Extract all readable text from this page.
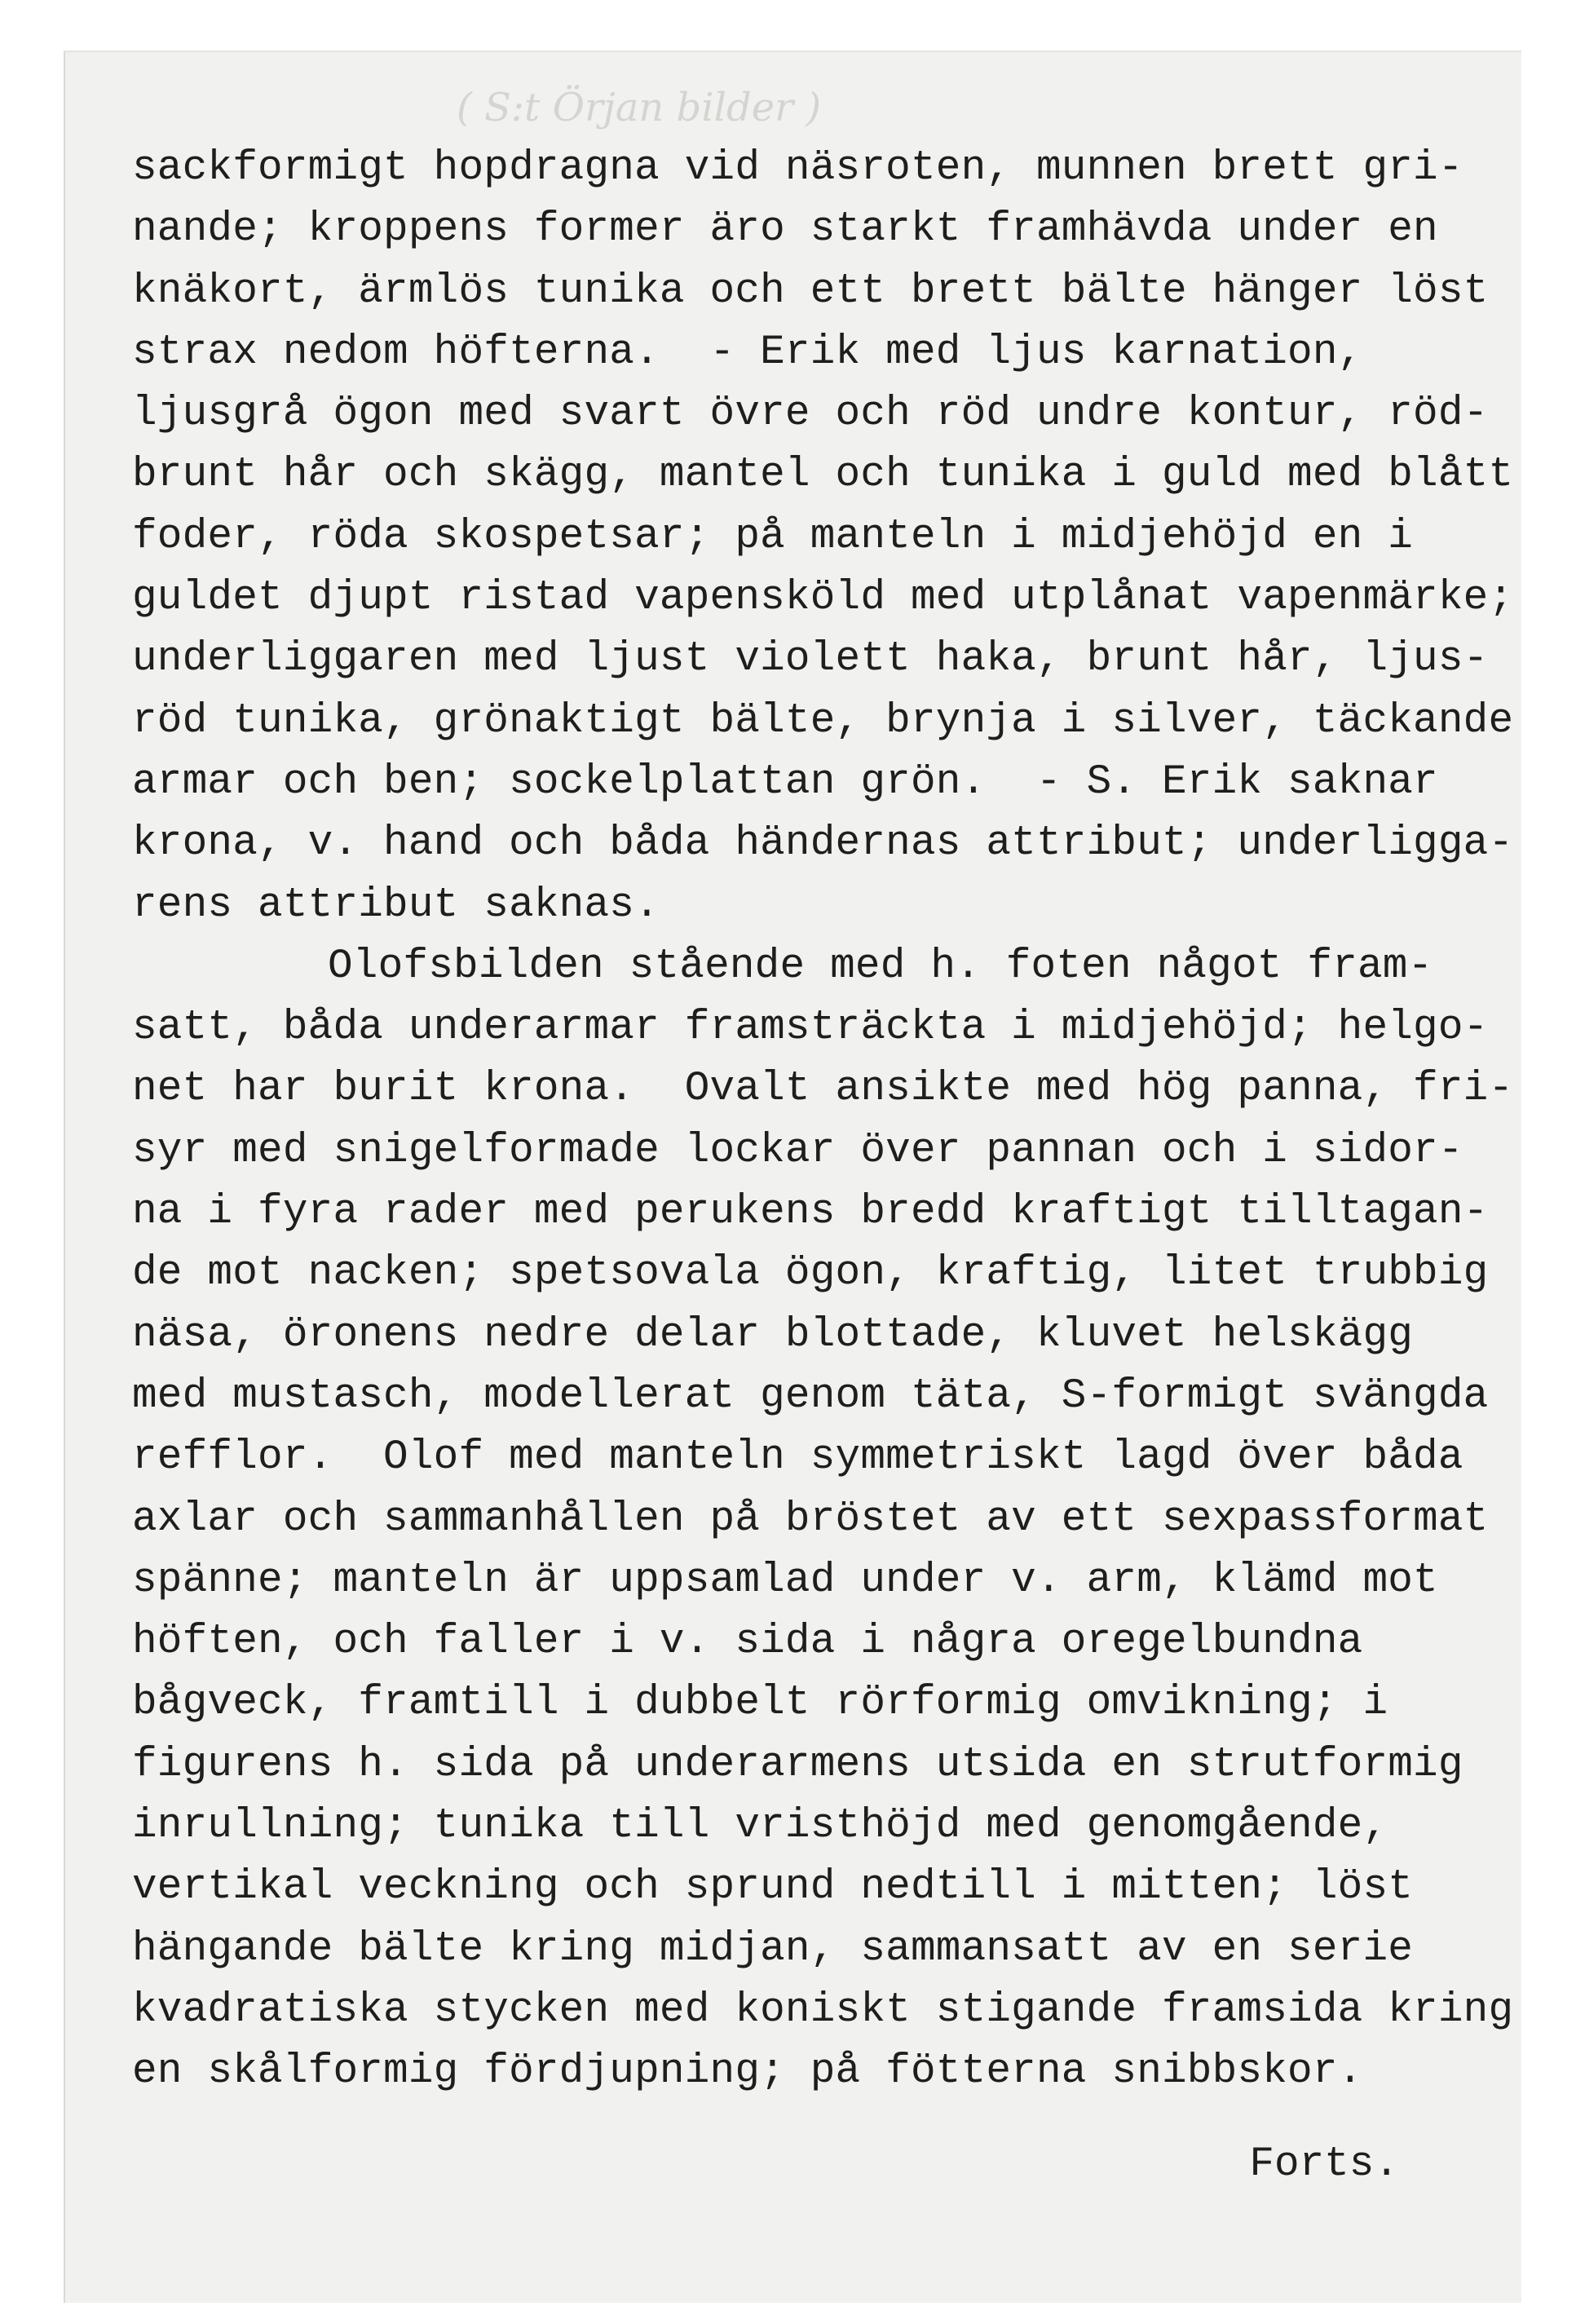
( S:t Örjan bilder )
sackformigt hopdragna vid näsroten, munnen brett gri-
nande; kroppens former äro starkt framhävda under en
knäkort, ärmlös tunika och ett brett bälte hänger löst
strax nedom höfterna.  - Erik med ljus karnation,
ljusgrå ögon med svart övre och röd undre kontur, röd-
brunt hår och skägg, mantel och tunika i guld med blått
foder, röda skospetsar; på manteln i midjehöjd en i
guldet djupt ristad vapensköld med utplånat vapenmärke;
underliggaren med ljust violett haka, brunt hår, ljus-
röd tunika, grönaktigt bälte, brynja i silver, täckande
armar och ben; sockelplattan grön.  - S. Erik saknar
krona, v. hand och båda händernas attribut; underligga-
rens attribut saknas.
Olofsbilden stående med h. foten något fram-
satt, båda underarmar framsträckta i midjehöjd; helgo-
net har burit krona.  Ovalt ansikte med hög panna, fri-
syr med snigelformade lockar över pannan och i sidor-
na i fyra rader med perukens bredd kraftigt tilltagan-
de mot nacken; spetsovala ögon, kraftig, litet trubbig
näsa, öronens nedre delar blottade, kluvet helskägg
med mustasch, modellerat genom täta, S-formigt svängda
refflor.  Olof med manteln symmetriskt lagd över båda
axlar och sammanhållen på bröstet av ett sexpassformat
spänne; manteln är uppsamlad under v. arm, klämd mot
höften, och faller i v. sida i några oregelbundna
bågveck, framtill i dubbelt rörformig omvikning; i
figurens h. sida på underarmens utsida en strutformig
inrullning; tunika till vristhöjd med genomgående,
vertikal veckning och sprund nedtill i mitten; löst
hängande bälte kring midjan, sammansatt av en serie
kvadratiska stycken med koniskt stigande framsida kring
en skålformig fördjupning; på fötterna snibbskor.
Forts.
